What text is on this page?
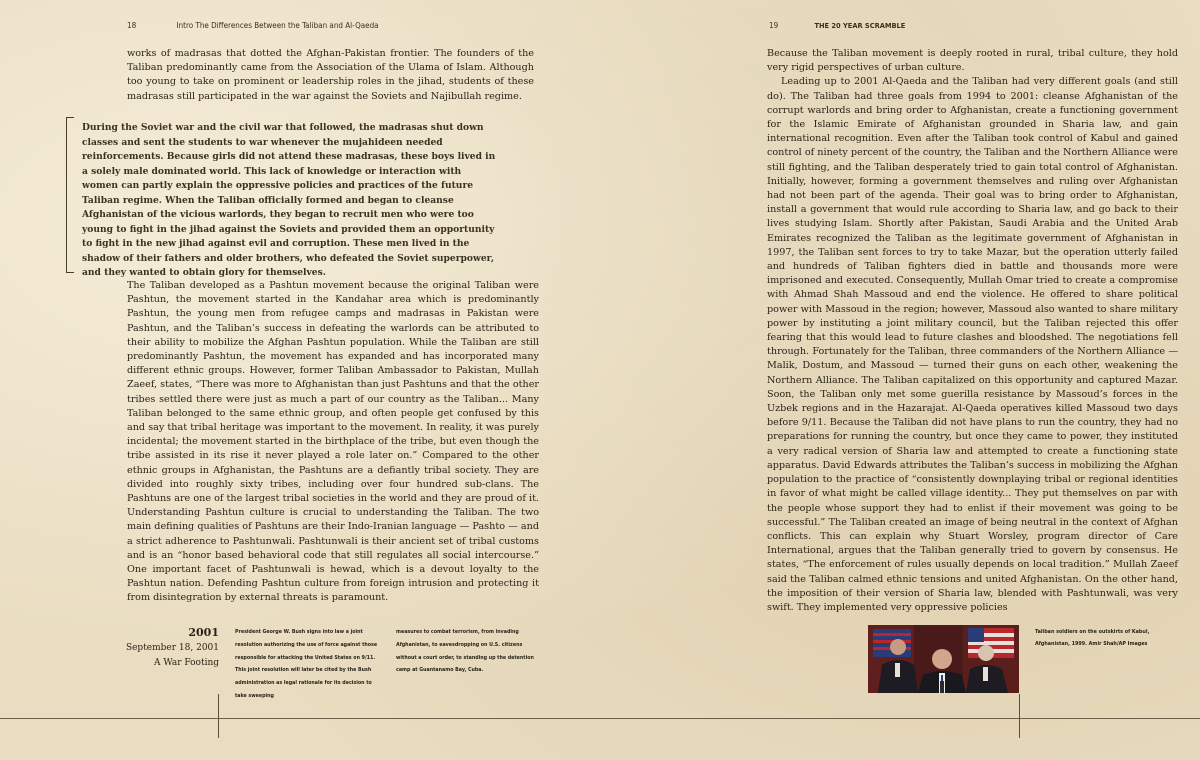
18	Intro The Differences Between the Taliban and Al-Qaeda	19	THE 20 YEAR SCRAMBLE

works of madrasas that dotted the Afghan-Pakistan frontier. The founders of the Taliban predominantly came from the Association of the Ulama of Islam. Although too young to take on prominent or leadership roles in the jihad, students of these madrasas still participated in the war against the Soviets and Najibullah regime.

During the Soviet war and the civil war that followed, the madrasas shut down classes and sent the students to war whenever the mujahideen needed reinforcements. Because girls did not attend these madrasas, these boys lived in a solely male dominated world. This lack of knowledge or interaction with women can partly explain the oppressive policies and practices of the future Taliban regime. When the Taliban officially formed and began to cleanse Afghanistan of the vicious warlords, they began to recruit men who were too young to fight in the jihad against the Soviets and provided them an opportunity to fight in the new jihad against evil and corruption. These men lived in the shadow of their fathers and older brothers, who defeated the Soviet superpower, and they wanted to obtain glory for themselves.

The Taliban developed as a Pashtun movement because the original Taliban were Pashtun, the movement started in the Kandahar area which is predominantly Pashtun, the young men from refugee camps and madrasas in Pakistan were Pashtun, and the Taliban’s success in defeating the warlords can be attributed to their ability to mobilize the Afghan Pashtun population. While the Taliban are still predominantly Pashtun, the movement has expanded and has incorporated many different ethnic groups. However, former Taliban Ambassador to Pakistan, Mullah Zaeef, states, “There was more to Afghanistan than just Pashtuns and that the other tribes settled there were just as much a part of our country as the Taliban... Many Taliban belonged to the same ethnic group, and often people get confused by this and say that tribal heritage was important to the movement. In reality, it was purely incidental; the movement started in the birthplace of the tribe, but even though the tribe assisted in its rise it never played a role later on.” Compared to the other ethnic groups in Afghanistan, the Pashtuns are a defiantly tribal society. They are divided into roughly sixty tribes, including over four hundred sub-clans. The Pashtuns are one of the largest tribal societies in the world and they are proud of it. Understanding Pashtun culture is crucial to understanding the Taliban. The two main defining qualities of Pashtuns are their Indo-Iranian language — Pashto — and a strict adherence to Pashtunwali. Pashtunwali is their ancient set of tribal customs and is an “honor based behavioral code that still regulates all social intercourse.” One important facet of Pashtunwali is hewad, which is a devout loyalty to the Pashtun nation. Defending Pashtun culture from foreign intrusion and protecting it from disintegration by external threats is paramount.

Because the Taliban movement is deeply rooted in rural, tribal culture, they hold very rigid perspectives of urban culture.

Leading up to 2001 Al-Qaeda and the Taliban had very different goals (and still do). The Taliban had three goals from 1994 to 2001: cleanse Afghanistan of the corrupt warlords and bring order to Afghanistan, create a functioning government for the Islamic Emirate of Afghanistan grounded in Sharia law, and gain international recognition. Even after the Taliban took control of Kabul and gained control of ninety percent of the country, the Taliban and the Northern Alliance were still fighting, and the Taliban desperately tried to gain total control of Afghanistan. Initially, however, forming a government themselves and ruling over Afghanistan had not been part of the agenda. Their goal was to bring order to Afghanistan, install a government that would rule according to Sharia law, and go back to their lives studying Islam. Shortly after Pakistan, Saudi Arabia and the United Arab Emirates recognized the Taliban as the legitimate government of Afghanistan in 1997, the Taliban sent forces to try to take Mazar, but the operation utterly failed and hundreds of Taliban fighters died in battle and thousands more were imprisoned and executed. Consequently, Mullah Omar tried to create a compromise with Ahmad Shah Massoud and end the violence. He offered to share political power with Massoud in the region; however, Massoud also wanted to share military power by instituting a joint military council, but the Taliban rejected this offer fearing that this would lead to future clashes and bloodshed. The negotiations fell through. Fortunately for the Taliban, three commanders of the Northern Alliance — Malik, Dostum, and Massoud — turned their guns on each other, weakening the Northern Alliance. The Taliban capitalized on this opportunity and captured Mazar. Soon, the Taliban only met some guerilla resistance by Massoud’s forces in the Uzbek regions and in the Hazarajat. Al-Qaeda operatives killed Massoud two days before 9/11. Because the Taliban did not have plans to run the country, they had no preparations for running the country, but once they came to power, they instituted a very radical version of Sharia law and attempted to create a functioning state apparatus. David Edwards attributes the Taliban’s success in mobilizing the Afghan population to the practice of “consistently downplaying tribal or regional identities in favor of what might be called village identity... They put themselves on par with the people whose support they had to enlist if their movement was going to be successful.” The Taliban created an image of being neutral in the context of Afghan conflicts. This can explain why Stuart Worsley, program director of Care International, argues that the Taliban generally tried to govern by consensus. He states, “The enforcement of rules usually depends on local tradition.” Mullah Zaeef said the Taliban calmed ethnic tensions and united Afghanistan. On the other hand, the imposition of their version of Sharia law, blended with Pashtunwali, was very swift. They implemented very oppressive policies

2001
September 18, 2001
A War Footing

President George W. Bush signs into law a joint resolution authorizing the use of force against those responsible for attacking the United States on 9/11. This joint resolution will later be cited by the Bush administration as legal rationale for its decision to take sweeping

measures to combat terrorism, from invading Afghanistan, to eavesdropping on U.S. citizens without a court order, to standing up the detention camp at Guantanamo Bay, Cuba.

Taliban soldiers on the outskirts of Kabul, Afghanistan, 1999. Amir Shah/AP Images
